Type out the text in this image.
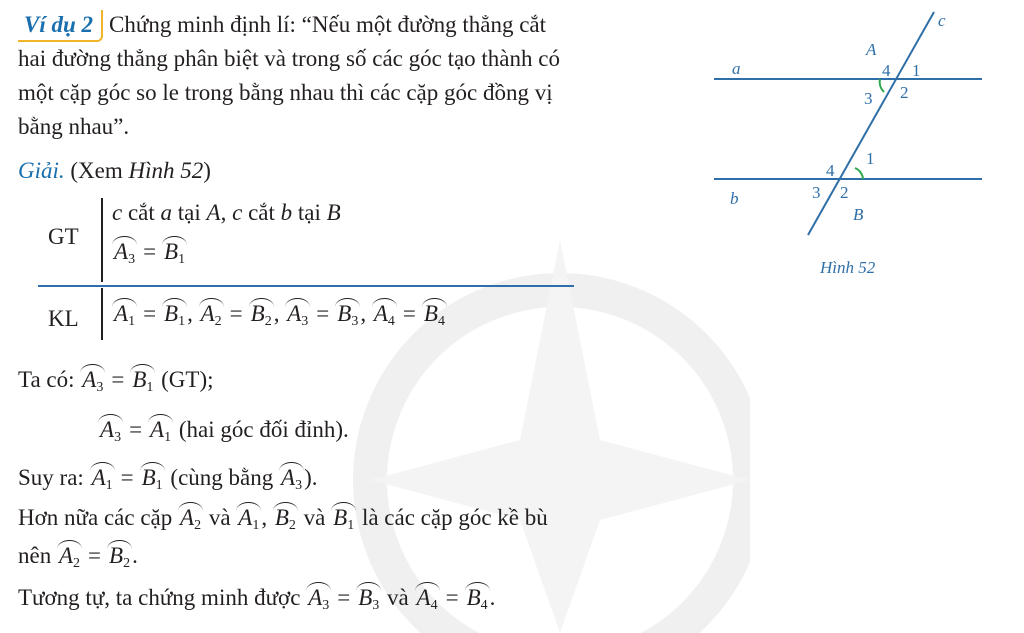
Ví dụ 2 Chứng minh định lí: “Nếu một đường thẳng cắt
hai đường thẳng phân biệt và trong số các góc tạo thành có
một cặp góc so le trong bằng nhau thì các cặp góc đồng vị
bằng nhau”.
Giải. (Xem Hình 52)
GT
c cắt a tại A, c cắt b tại B
$A_3 = B_1$
KL $A_1 = B_1$, $A_2 = B_2$, $A_3 = B_3$, $A_4 = B_4$
Ta có: $A_3 = B_1$ (GT);
$A_3 = A_1$ (hai góc đối đỉnh).
Suy ra: $A_1 = B_1$ (cùng bằng $A_3$).
Hơn nữa các cặp $A_2$ và $A_1$, $B_2$ và $B_1$ là các cặp góc kề bù
nên $A_2 = B_2$.
Tương tự, ta chứng minh được $A_3 = B_3$ và $A_4 = B_4$.
a
b
c
A
B
4 1
3 2
4
1
3 2
Hình 52
